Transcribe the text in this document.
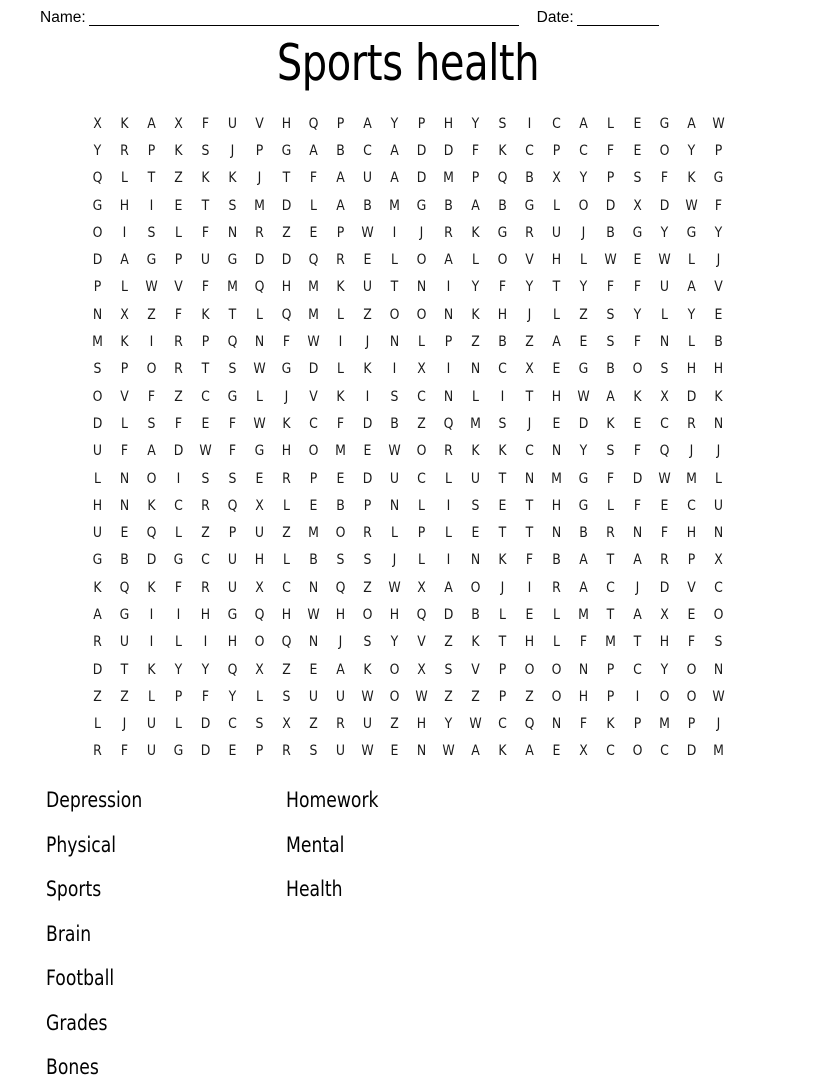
Name:	Date:
Sports health
X	K	A	X	F	U	V	H	Q	P	A	Y	P	H	Y	S	I	C	A	L	E	G	A	W
Y	R	P	K	S	J	P	G	A	B	C	A	D	D	F	K	C	P	C	F	E	O	Y	P
Q	L	T	Z	K	K	J	T	F	A	U	A	D	M	P	Q	B	X	Y	P	S	F	K	G
G	H	I	E	T	S	M	D	L	A	B	M	G	B	A	B	G	L	O	D	X	D	W	F
O	I	S	L	F	N	R	Z	E	P	W	I	J	R	K	G	R	U	J	B	G	Y	G	Y
D	A	G	P	U	G	D	D	Q	R	E	L	O	A	L	O	V	H	L	W	E	W	L	J
P	L	W	V	F	M	Q	H	M	K	U	T	N	I	Y	F	Y	T	Y	F	F	U	A	V
N	X	Z	F	K	T	L	Q	M	L	Z	O	O	N	K	H	J	L	Z	S	Y	L	Y	E
M	K	I	R	P	Q	N	F	W	I	J	N	L	P	Z	B	Z	A	E	S	F	N	L	B
S	P	O	R	T	S	W	G	D	L	K	I	X	I	N	C	X	E	G	B	O	S	H	H
O	V	F	Z	C	G	L	J	V	K	I	S	C	N	L	I	T	H	W	A	K	X	D	K
D	L	S	F	E	F	W	K	C	F	D	B	Z	Q	M	S	J	E	D	K	E	C	R	N
U	F	A	D	W	F	G	H	O	M	E	W	O	R	K	K	C	N	Y	S	F	Q	J	J
L	N	O	I	S	S	E	R	P	E	D	U	C	L	U	T	N	M	G	F	D	W	M	L
H	N	K	C	R	Q	X	L	E	B	P	N	L	I	S	E	T	H	G	L	F	E	C	U
U	E	Q	L	Z	P	U	Z	M	O	R	L	P	L	E	T	T	N	B	R	N	F	H	N
G	B	D	G	C	U	H	L	B	S	S	J	L	I	N	K	F	B	A	T	A	R	P	X
K	Q	K	F	R	U	X	C	N	Q	Z	W	X	A	O	J	I	R	A	C	J	D	V	C
A	G	I	I	H	G	Q	H	W	H	O	H	Q	D	B	L	E	L	M	T	A	X	E	O
R	U	I	L	I	H	O	Q	N	J	S	Y	V	Z	K	T	H	L	F	M	T	H	F	S
D	T	K	Y	Y	Q	X	Z	E	A	K	O	X	S	V	P	O	O	N	P	C	Y	O	N
Z	Z	L	P	F	Y	L	S	U	U	W	O	W	Z	Z	P	Z	O	H	P	I	O	O	W
L	J	U	L	D	C	S	X	Z	R	U	Z	H	Y	W	C	Q	N	F	K	P	M	P	J
R	F	U	G	D	E	P	R	S	U	W	E	N	W	A	K	A	E	X	C	O	C	D	M
Depression
Physical
Sports
Brain
Homework
Mental
Health
Football
Grades
Bones
